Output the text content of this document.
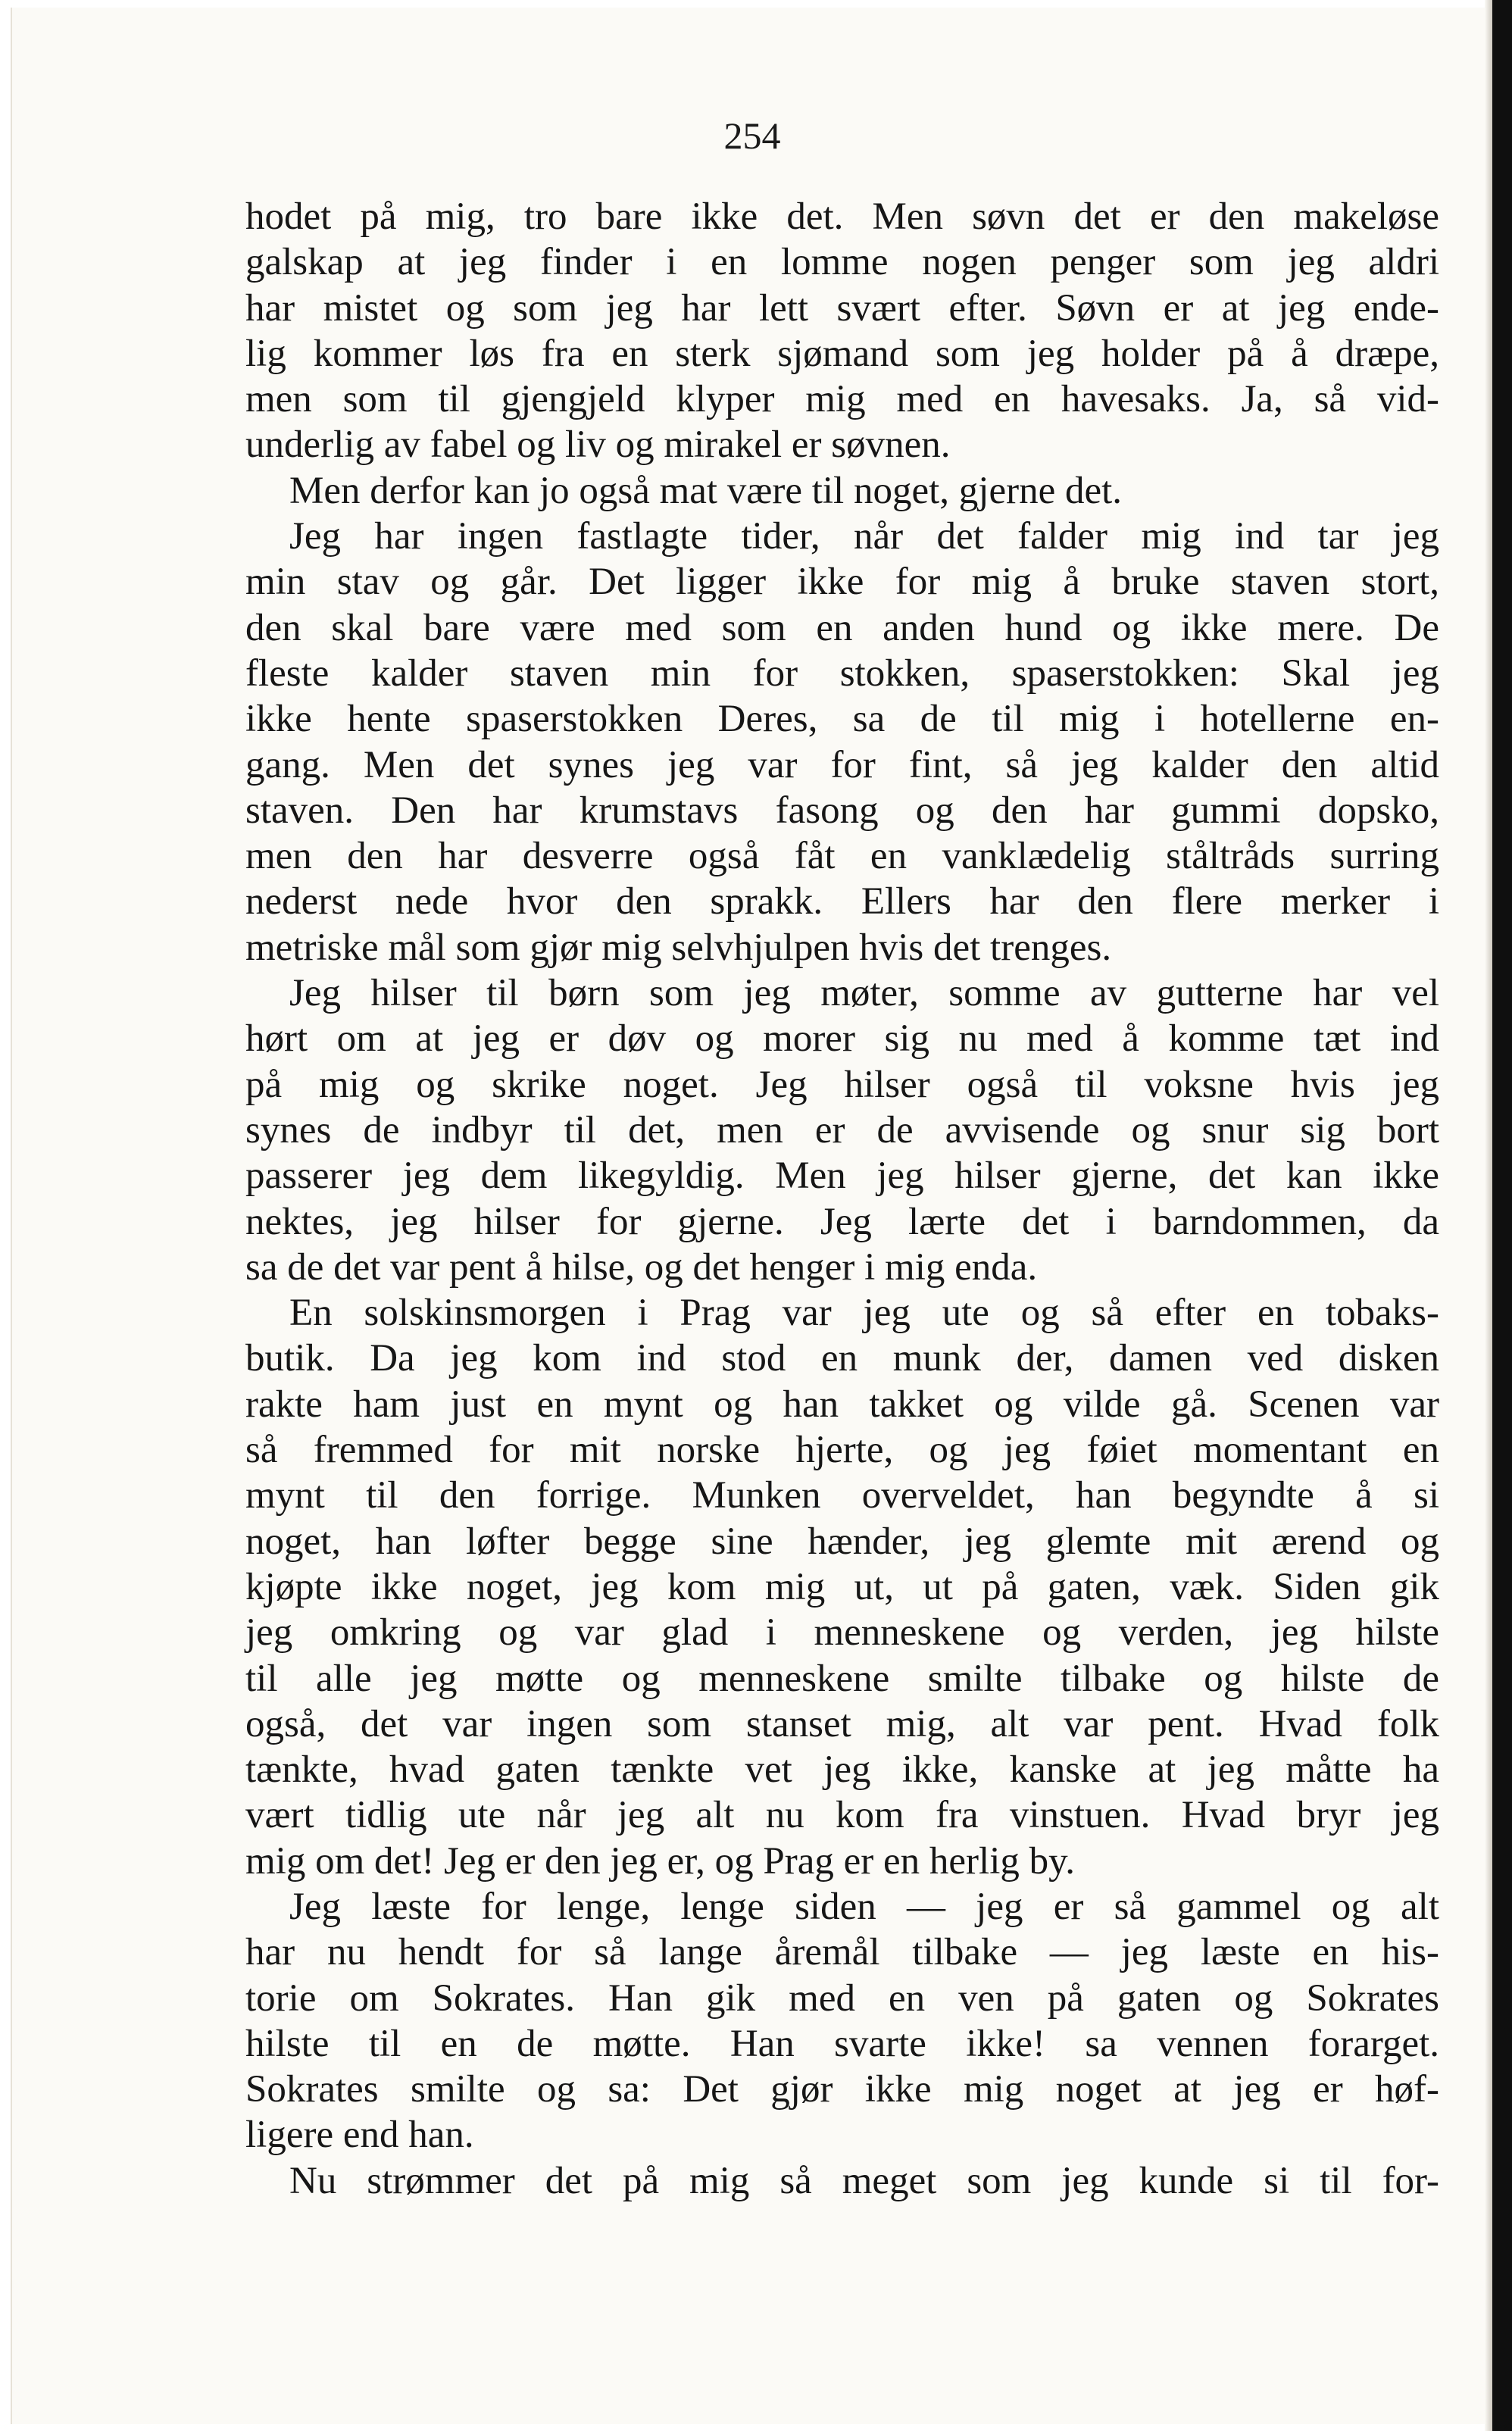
254
hodet på mig, tro bare ikke det. Men søvn det er den makeløse
galskap at jeg finder i en lomme nogen penger som jeg aldri
har mistet og som jeg har lett svært efter. Søvn er at jeg ende-
lig kommer løs fra en sterk sjømand som jeg holder på å dræpe,
men som til gjengjeld klyper mig med en havesaks. Ja, så vid-
underlig av fabel og liv og mirakel er søvnen.
Men derfor kan jo også mat være til noget, gjerne det.
Jeg har ingen fastlagte tider, når det falder mig ind tar jeg
min stav og går. Det ligger ikke for mig å bruke staven stort,
den skal bare være med som en anden hund og ikke mere. De
fleste kalder staven min for stokken, spaserstokken: Skal jeg
ikke hente spaserstokken Deres, sa de til mig i hotellerne en-
gang. Men det synes jeg var for fint, så jeg kalder den altid
staven. Den har krumstavs fasong og den har gummi dopsko,
men den har desverre også fåt en vanklædelig ståltråds surring
nederst nede hvor den sprakk. Ellers har den flere merker i
metriske mål som gjør mig selvhjulpen hvis det trenges.
Jeg hilser til børn som jeg møter, somme av gutterne har vel
hørt om at jeg er døv og morer sig nu med å komme tæt ind
på mig og skrike noget. Jeg hilser også til voksne hvis jeg
synes de indbyr til det, men er de avvisende og snur sig bort
passerer jeg dem likegyldig. Men jeg hilser gjerne, det kan ikke
nektes, jeg hilser for gjerne. Jeg lærte det i barndommen, da
sa de det var pent å hilse, og det henger i mig enda.
En solskinsmorgen i Prag var jeg ute og så efter en tobaks-
butik. Da jeg kom ind stod en munk der, damen ved disken
rakte ham just en mynt og han takket og vilde gå. Scenen var
så fremmed for mit norske hjerte, og jeg føiet momentant en
mynt til den forrige. Munken overveldet, han begyndte å si
noget, han løfter begge sine hænder, jeg glemte mit ærend og
kjøpte ikke noget, jeg kom mig ut, ut på gaten, væk. Siden gik
jeg omkring og var glad i menneskene og verden, jeg hilste
til alle jeg møtte og menneskene smilte tilbake og hilste de
også, det var ingen som stanset mig, alt var pent. Hvad folk
tænkte, hvad gaten tænkte vet jeg ikke, kanske at jeg måtte ha
vært tidlig ute når jeg alt nu kom fra vinstuen. Hvad bryr jeg
mig om det! Jeg er den jeg er, og Prag er en herlig by.
Jeg læste for lenge, lenge siden — jeg er så gammel og alt
har nu hendt for så lange åremål tilbake — jeg læste en his-
torie om Sokrates. Han gik med en ven på gaten og Sokrates
hilste til en de møtte. Han svarte ikke! sa vennen forarget.
Sokrates smilte og sa: Det gjør ikke mig noget at jeg er høf-
ligere end han.
Nu strømmer det på mig så meget som jeg kunde si til for-
